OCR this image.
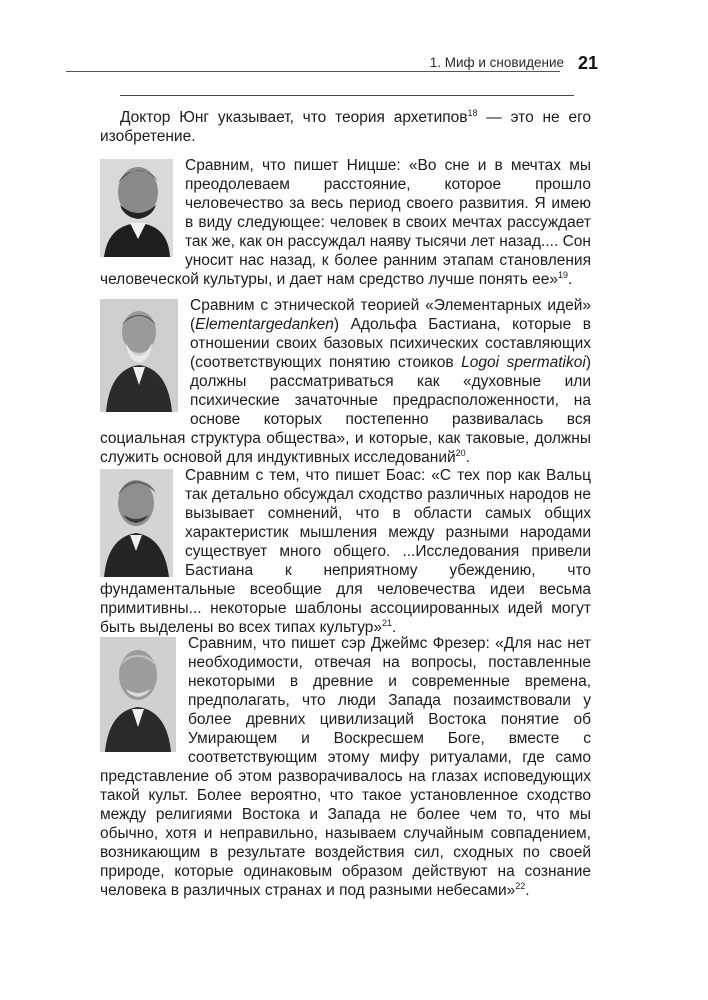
1. Миф и сновидение 21

Доктор Юнг указывает, что теория архетипов$^{18}$ — это не его изобретение.

Сравним, что пишет Ницше: «Во сне и в мечтах мы преодолеваем расстояние, которое прошло человечество за весь период своего развития. Я имею в виду следующее: человек в своих мечтах рассуждает так же, как он рассуждал наяву тысячи лет назад.... Сон уносит нас назад, к более ранним этапам становления человеческой культуры, и дает нам средство лучше понять ее»$^{19}$.

Сравним с этнической теорией «Элементарных идей» (Elementargedanken) Адольфа Бастиана, которые в отношении своих базовых психических составляющих (соответствующих понятию стоиков Logoi spermatikoi) должны рассматриваться как «духовные или психические зачаточные предрасположенности, на основе которых постепенно развивалась вся социальная структура общества», и которые, как таковые, должны служить основой для индуктивных исследований$^{20}$.

Сравним с тем, что пишет Боас: «С тех пор как Вальц так детально обсуждал сходство различных народов не вызывает сомнений, что в области самых общих характеристик мышления между разными народами существует много общего. ...Исследования привели Бастиана к неприятному убеждению, что фундаментальные всеобщие для человечества идеи весьма примитивны... некоторые шаблоны ассоциированных идей могут быть выделены во всех типах культур»$^{21}$.

Сравним, что пишет сэр Джеймс Фрезер: «Для нас нет необходимости, отвечая на вопросы, поставленные некоторыми в древние и современные времена, предполагать, что люди Запада позаимствовали у более древних цивилизаций Востока понятие об Умирающем и Воскресшем Боге, вместе с соответствующим этому мифу ритуалами, где само представление об этом разворачивалось на глазах исповедующих такой культ. Более вероятно, что такое установленное сходство между религиями Востока и Запада не более чем то, что мы обычно, хотя и неправильно, называем случайным совпадением, возникающим в результате воздействия сил, сходных по своей природе, которые одинаковым образом действуют на сознание человека в различных странах и под разными небесами»$^{22}$.
